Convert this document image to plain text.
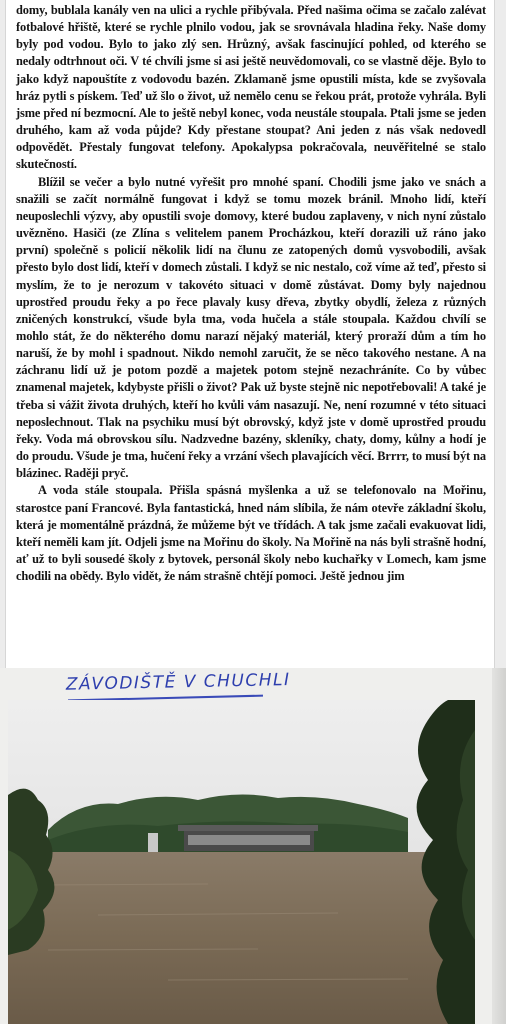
domy, bublala kanály ven na ulici a rychle přibývala. Před našima očima se začalo zalévat fotbalové hřiště, které se rychle plnilo vodou, jak se srovnávala hladina řeky. Naše domy byly pod vodou. Bylo to jako zlý sen. Hrůzný, avšak fascinující pohled, od kterého se nedaly odtrhnout oči. V té chvíli jsme si asi ještě neuvědomovali, co se vlastně děje. Bylo to jako když napouštíte z vodovodu bazén. Zklamaně jsme opustili místa, kde se zvyšovala hráz pytli s pískem. Teď už šlo o život, už nemělo cenu se řekou prát, protože vyhrála. Byli jsme před ní bezmocní. Ale to ještě nebyl konec, voda neustále stoupala. Ptali jsme se jeden druhého, kam až voda půjde? Kdy přestane stoupat? Ani jeden z nás však nedovedl odpovědět. Přestaly fungovat telefony. Apokalypsa pokračovala, neuvěřitelné se stalo skutečností.

Blížil se večer a bylo nutné vyřešit pro mnohé spaní. Chodili jsme jako ve snách a snažili se začít normálně fungovat i když se tomu mozek bránil. Mnoho lidí, kteří neuposlechli výzvy, aby opustili svoje domovy, které budou zaplaveny, v nich nyní zůstalo uvězněno. Hasiči (ze Zlína s velitelem panem Procházkou, kteří dorazili už ráno jako první) společně s policií několik lidí na člunu ze zatopených domů vysvobodili, avšak přesto bylo dost lidí, kteří v domech zůstali. I když se nic nestalo, což víme až teď, přesto si myslím, že to je nerozum v takovéto situaci v domě zůstávat. Domy byly najednou uprostřed proudu řeky a po řece plavaly kusy dřeva, zbytky obydlí, železa z různých zničených konstrukcí, všude byla tma, voda hučela a stále stoupala. Každou chvílí se mohlo stát, že do některého domu narazí nějaký materiál, který proraží dům a tím ho naruší, že by mohl i spadnout. Nikdo nemohl zaručit, že se něco takového nestane. A na záchranu lidí už je potom pozdě a majetek potom stejně nezachráníte. Co by vůbec znamenal majetek, kdybyste přišli o život? Pak už byste stejně nic nepotřebovali! A také je třeba si vážit života druhých, kteří ho kvůli vám nasazují. Ne, není rozumné v této situaci neposlechnout. Tlak na psychiku musí být obrovský, když jste v domě uprostřed proudu řeky. Voda má obrovskou sílu. Nadzvedne bazény, skleníky, chaty, domy, kůlny a hodí je do proudu. Všude je tma, hučení řeky a vrzání všech plavajících věcí. Brrrr, to musí být na blázinec. Raději pryč.

A voda stále stoupala. Přišla spásná myšlenka a už se telefonovalo na Mořinu, starostce paní Francové. Byla fantastická, hned nám slíbila, že nám otevře základní školu, která je momentálně prázdná, že můžeme být ve třídách. A tak jsme začali evakuovat lidi, kteří neměli kam jít. Odjeli jsme na Mořinu do školy. Na Mořině na nás byli strašně hodní, ať už to byli sousedé školy z bytovek, personál školy nebo kuchařky v Lomech, kam jsme chodili na obědy. Bylo vidět, že nám strašně chtějí pomoci. Ještě jednou jim

ZÁVODIŠTĚ V CHUCHLI
